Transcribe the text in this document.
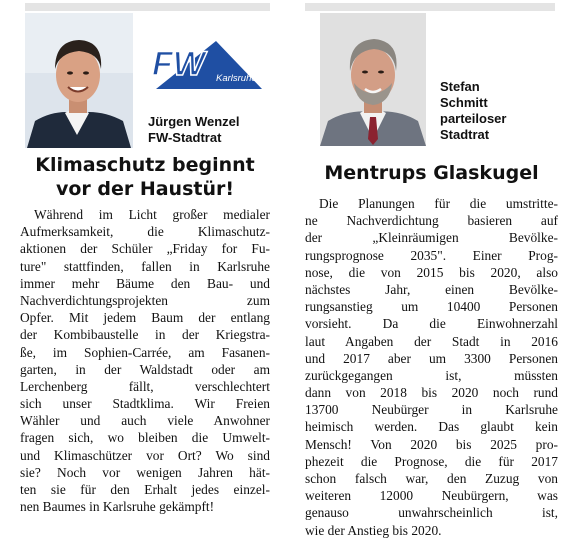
FW	Karlsruhe
Jürgen Wenzel
FW-Stadtrat
Klimaschutz beginnt
vor der Haustür!
Während im Licht großer medialer
Aufmerksamkeit, die Klimaschutz-
aktionen der Schüler „Friday for Fu-
ture" stattfinden, fallen in Karlsruhe
immer mehr Bäume den Bau- und
Nachverdichtungsprojekten zum
Opfer. Mit jedem Baum der entlang
der Kombibaustelle in der Kriegstra-
ße, im Sophien-Carrée, am Fasanen-
garten, in der Waldstadt oder am
Lerchenberg fällt, verschlechtert
sich unser Stadtklima. Wir Freien
Wähler und auch viele Anwohner
fragen sich, wo bleiben die Umwelt-
und Klimaschützer vor Ort? Wo sind
sie? Noch vor wenigen Jahren hät-
ten sie für den Erhalt jedes einzel-
nen Baumes in Karlsruhe gekämpft!
Stefan
Schmitt
parteiloser
Stadtrat
Mentrups Glaskugel
Die Planungen für die umstritte-
ne Nachverdichtung basieren auf
der „Kleinräumigen Bevölke-
rungsprognose 2035". Einer Prog-
nose, die von 2015 bis 2020, also
nächstes Jahr, einen Bevölke-
rungsanstieg um 10400 Personen
vorsieht. Da die Einwohnerzahl
laut Angaben der Stadt in 2016
und 2017 aber um 3300 Personen
zurückgegangen ist, müssten
dann von 2018 bis 2020 noch rund
13700 Neubürger in Karlsruhe
heimisch werden. Das glaubt kein
Mensch! Von 2020 bis 2025 pro-
phezeit die Prognose, die für 2017
schon falsch war, den Zuzug von
weiteren 12000 Neubürgern, was
genauso unwahrscheinlich ist,
wie der Anstieg bis 2020.
